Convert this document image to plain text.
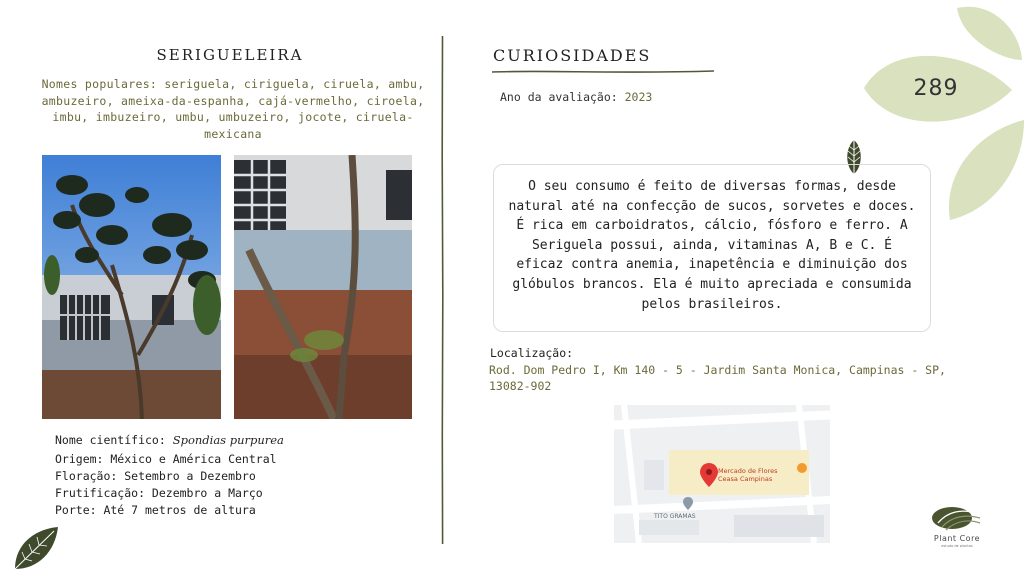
SERIGUELEIRA
Nomes populares: seriguela, ciriguela, ciruela, ambu, ambuzeiro, ameixa-da-espanha, cajá-vermelho, ciroela, imbu, imbuzeiro, umbu, umbuzeiro, jocote, ciruela-mexicana
Nome científico: Spondias purpurea
Origem: México e América Central
Floração: Setembro a Dezembro
Frutificação: Dezembro a Março
Porte: Até 7 metros de altura
CURIOSIDADES
Ano da avaliação: 2023
O seu consumo é feito de diversas formas, desde natural até na confecção de sucos, sorvetes e doces. É rica em carboidratos, cálcio, fósforo e ferro. A Seriguela possui, ainda, vitaminas A, B e C. É eficaz contra anemia, inapetência e diminuição dos glóbulos brancos. Ela é muito apreciada e consumida pelos brasileiros.
Localização:
Rod. Dom Pedro I, Km 140 - 5 - Jardim Santa Monica, Campinas - SP, 13082-902
Mercado de Flores
Ceasa Campinas
TITO GRAMAS
289
Plant Core
estudo de plantas
